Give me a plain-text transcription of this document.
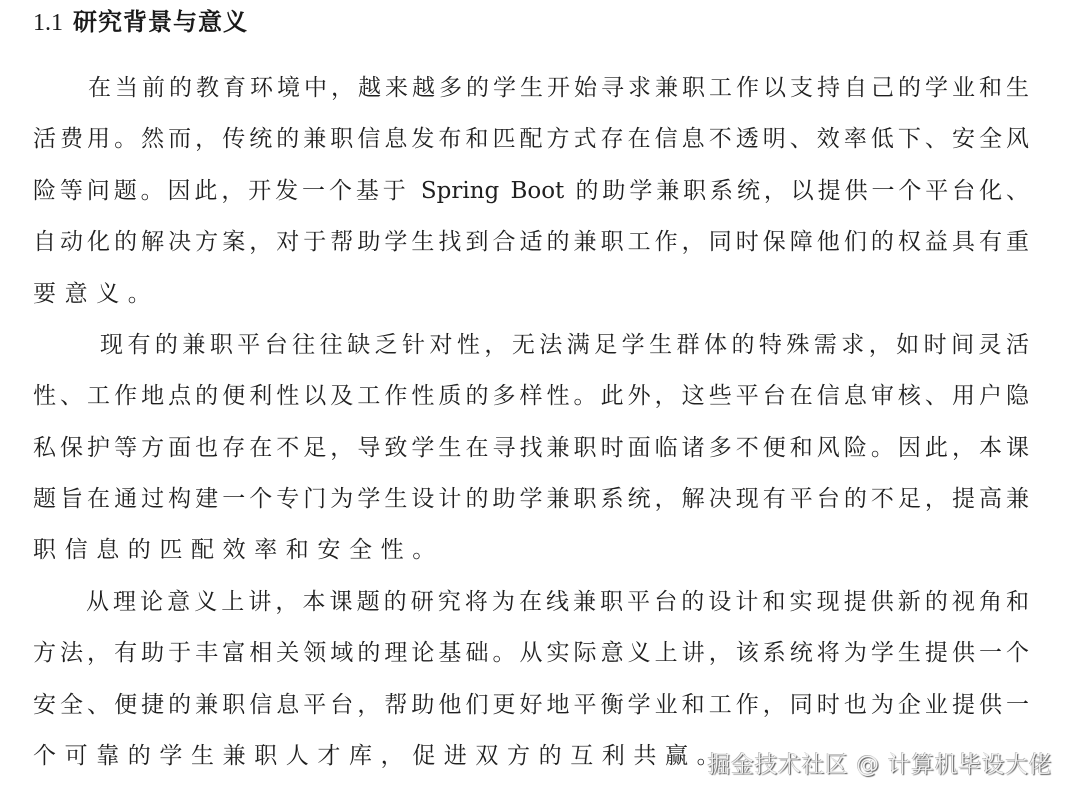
1.1 研究背景与意义
在当前的教育环境中，越来越多的学生开始寻求兼职工作以支持自己的学业和生
活费用。然而，传统的兼职信息发布和匹配方式存在信息不透明、效率低下、安全风
险等问题。因此，开发一个基于 Spring Boot 的助学兼职系统，以提供一个平台化、
自动化的解决方案，对于帮助学生找到合适的兼职工作，同时保障他们的权益具有重
要意义。
现有的兼职平台往往缺乏针对性，无法满足学生群体的特殊需求，如时间灵活
性、工作地点的便利性以及工作性质的多样性。此外，这些平台在信息审核、用户隐
私保护等方面也存在不足，导致学生在寻找兼职时面临诸多不便和风险。因此，本课
题旨在通过构建一个专门为学生设计的助学兼职系统，解决现有平台的不足，提高兼
职信息的匹配效率和安全性。
从理论意义上讲，本课题的研究将为在线兼职平台的设计和实现提供新的视角和
方法，有助于丰富相关领域的理论基础。从实际意义上讲，该系统将为学生提供一个
安全、便捷的兼职信息平台，帮助他们更好地平衡学业和工作，同时也为企业提供一
个可靠的学生兼职人才库，促进双方的互利共赢。
掘金技术社区 @ 计算机毕设大佬
